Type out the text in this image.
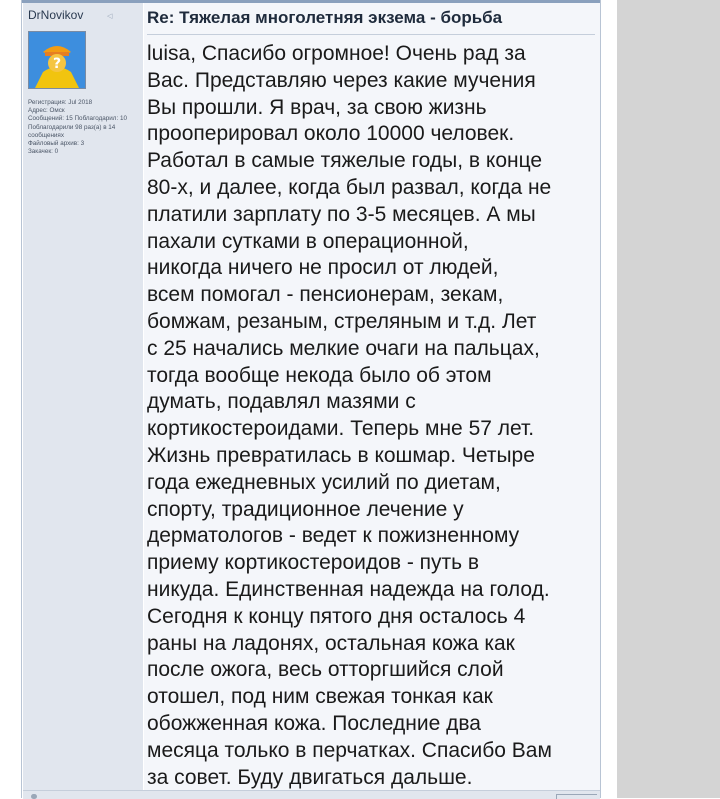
DrNovikov	◁
?
Регистрация: Jul 2018
Адрес: Омск
Сообщений: 15 Поблагодарил: 10
Поблагодарили 98 раз(а) в 14 сообщениях
Файловый архив: 3
Закачек: 0
Re: Тяжелая многолетняя экзема - борьба
luisa, Спасибо огромное! Очень рад за
Вас. Представляю через какие мучения
Вы прошли. Я врач, за свою жизнь
прооперировал около 10000 человек.
Работал в самые тяжелые годы, в конце
80-х, и далее, когда был развал, когда не
платили зарплату по 3-5 месяцев. А мы
пахали сутками в операционной,
никогда ничего не просил от людей,
всем помогал - пенсионерам, зекам,
бомжам, резаным, стреляным и т.д. Лет
с 25 начались мелкие очаги на пальцах,
тогда вообще некода было об этом
думать, подавлял мазями с
кортикостероидами. Теперь мне 57 лет.
Жизнь превратилась в кошмар. Четыре
года ежедневных усилий по диетам,
спорту, традиционное лечение у
дерматологов - ведет к пожизненному
приему кортикостероидов - путь в
никуда. Единственная надежда на голод.
Сегодня к концу пятого дня осталось 4
раны на ладонях, остальная кожа как
после ожога, весь отторгшийся слой
отошел, под ним свежая тонкая как
обожженная кожа. Последние два
месяца только в перчатках. Спасибо Вам
за совет. Буду двигаться дальше.
